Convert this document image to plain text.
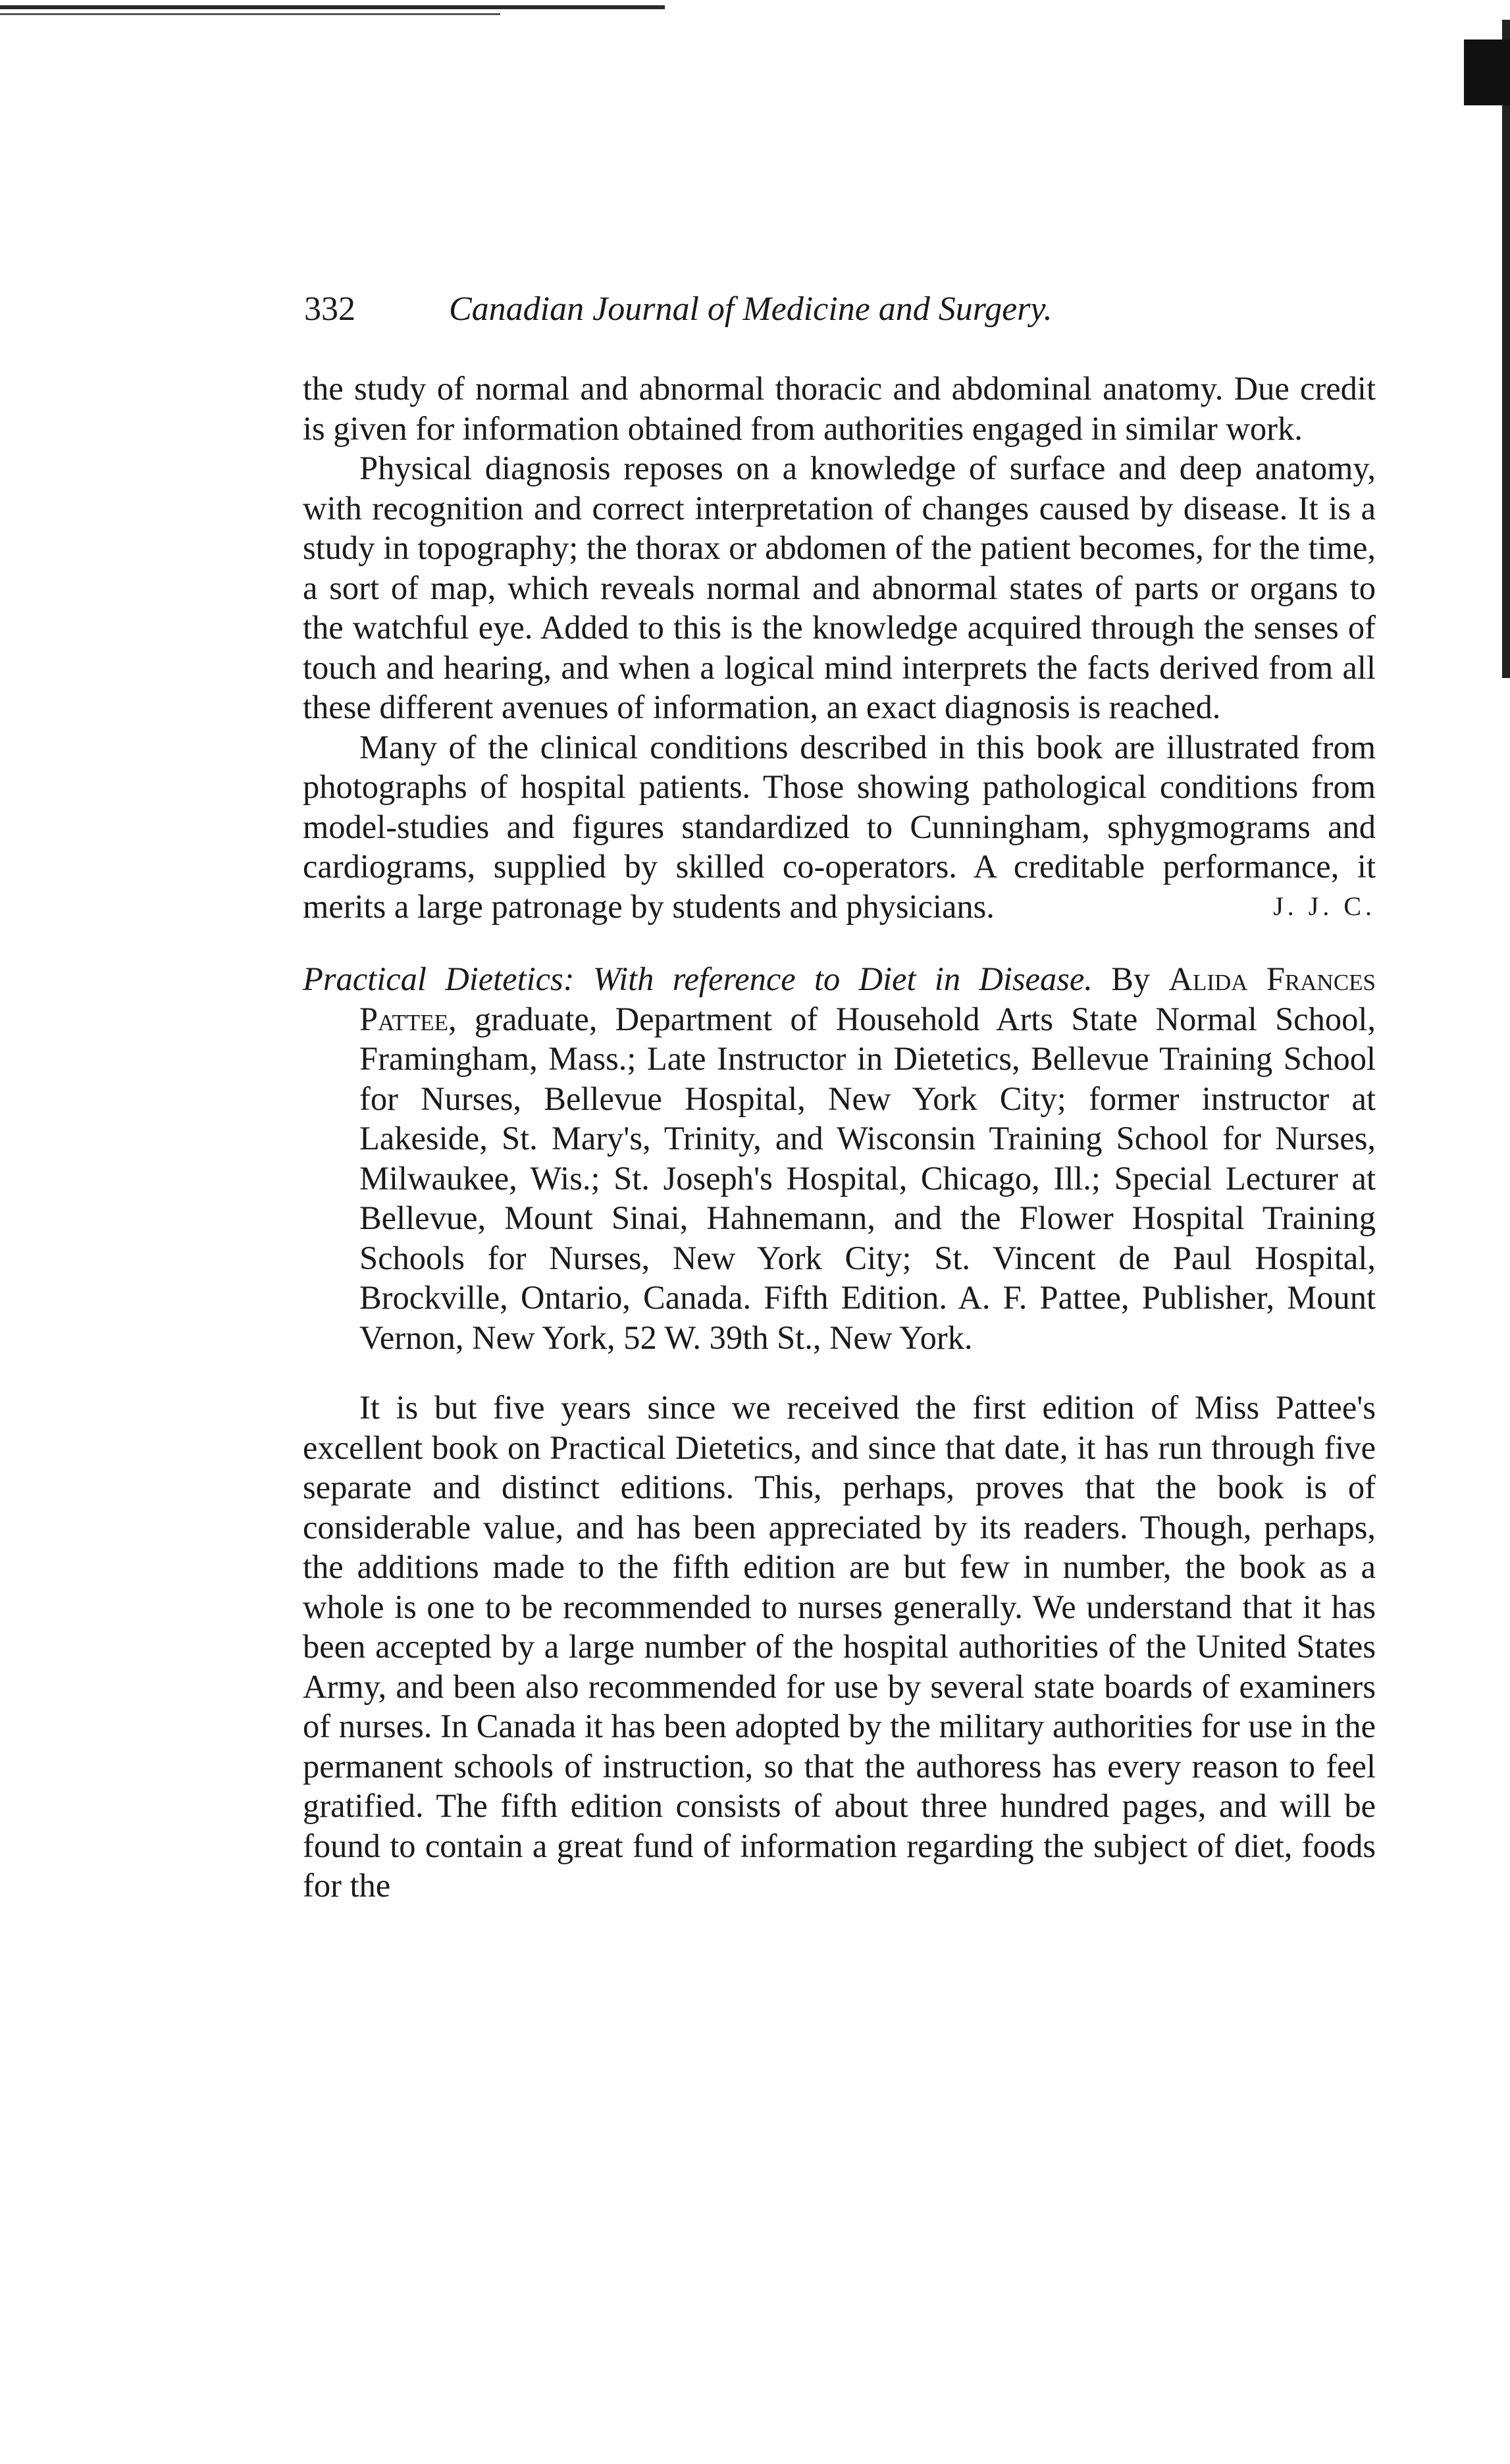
332	Canadian Journal of Medicine and Surgery.

the study of normal and abnormal thoracic and abdominal anatomy. Due credit is given for information obtained from authorities engaged in similar work.

Physical diagnosis reposes on a knowledge of surface and deep anatomy, with recognition and correct interpretation of changes caused by disease. It is a study in topography; the thorax or abdomen of the patient becomes, for the time, a sort of map, which reveals normal and abnormal states of parts or organs to the watchful eye. Added to this is the knowledge acquired through the senses of touch and hearing, and when a logical mind interprets the facts derived from all these different avenues of information, an exact diagnosis is reached.

Many of the clinical conditions described in this book are illustrated from photographs of hospital patients. Those showing pathological conditions from model-studies and figures standardized to Cunningham, sphygmograms and cardiograms, supplied by skilled co-operators. A creditable performance, it merits a large patronage by students and physicians.	J. J. C.

Practical Dietetics: With reference to Diet in Disease. By Alida Frances Pattee, graduate, Department of Household Arts State Normal School, Framingham, Mass.; Late Instructor in Dietetics, Bellevue Training School for Nurses, Bellevue Hospital, New York City; former instructor at Lakeside, St. Mary's, Trinity, and Wisconsin Training School for Nurses, Milwaukee, Wis.; St. Joseph's Hospital, Chicago, Ill.; Special Lecturer at Bellevue, Mount Sinai, Hahnemann, and the Flower Hospital Training Schools for Nurses, New York City; St. Vincent de Paul Hospital, Brockville, Ontario, Canada. Fifth Edition. A. F. Pattee, Publisher, Mount Vernon, New York, 52 W. 39th St., New York.

It is but five years since we received the first edition of Miss Pattee's excellent book on Practical Dietetics, and since that date, it has run through five separate and distinct editions. This, perhaps, proves that the book is of considerable value, and has been appreciated by its readers. Though, perhaps, the additions made to the fifth edition are but few in number, the book as a whole is one to be recommended to nurses generally. We understand that it has been accepted by a large number of the hospital authorities of the United States Army, and been also recommended for use by several state boards of examiners of nurses. In Canada it has been adopted by the military authorities for use in the permanent schools of instruction, so that the authoress has every reason to feel gratified. The fifth edition consists of about three hundred pages, and will be found to contain a great fund of information regarding the subject of diet, foods for the
